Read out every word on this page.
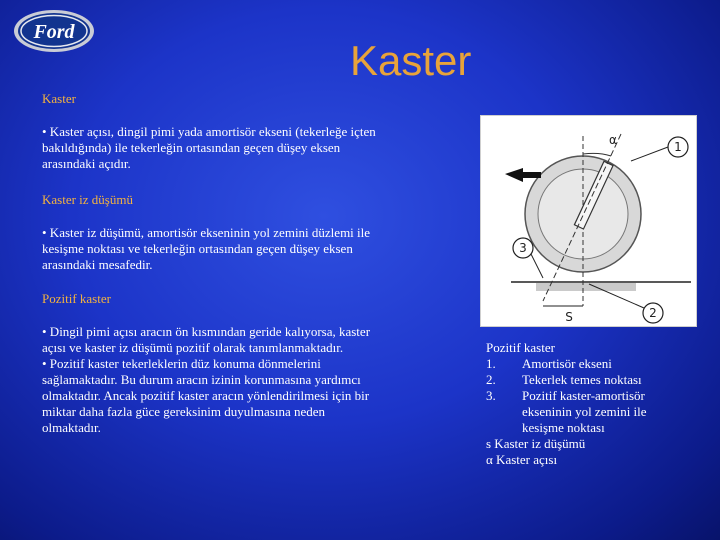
Ford
Kaster
Kaster

• Kaster açısı, dingil pimi yada amortisör ekseni (tekerleğe içten bakıldığında) ile tekerleğin ortasından geçen düşey eksen arasındaki açıdır.

Kaster iz düşümü

• Kaster iz düşümü, amortisör ekseninin yol zemini düzlemi ile kesişme noktası ve tekerleğin ortasından geçen düşey eksen arasındaki mesafedir.

Pozitif kaster

• Dingil pimi açısı aracın ön kısmından geride kalıyorsa, kaster açısı ve kaster iz düşümü pozitif olarak tanımlanmaktadır.

• Pozitif kaster tekerleklerin düz konuma dönmelerini sağlamaktadır. Bu durum aracın izinin korunmasına yardımcı olmaktadır. Ancak pozitif kaster aracın yönlendirilmesi için bir miktar daha fazla güce gereksinim duyulmasına neden olmaktadır.

α	1
3
2
S
Pozitif kaster
1.	Amortisör ekseni
2.	Tekerlek temes noktası
3.	Pozitif kaster-amortisör
ekseninin yol zemini ile
kesişme noktası
s Kaster iz düşümü
α Kaster açısı
